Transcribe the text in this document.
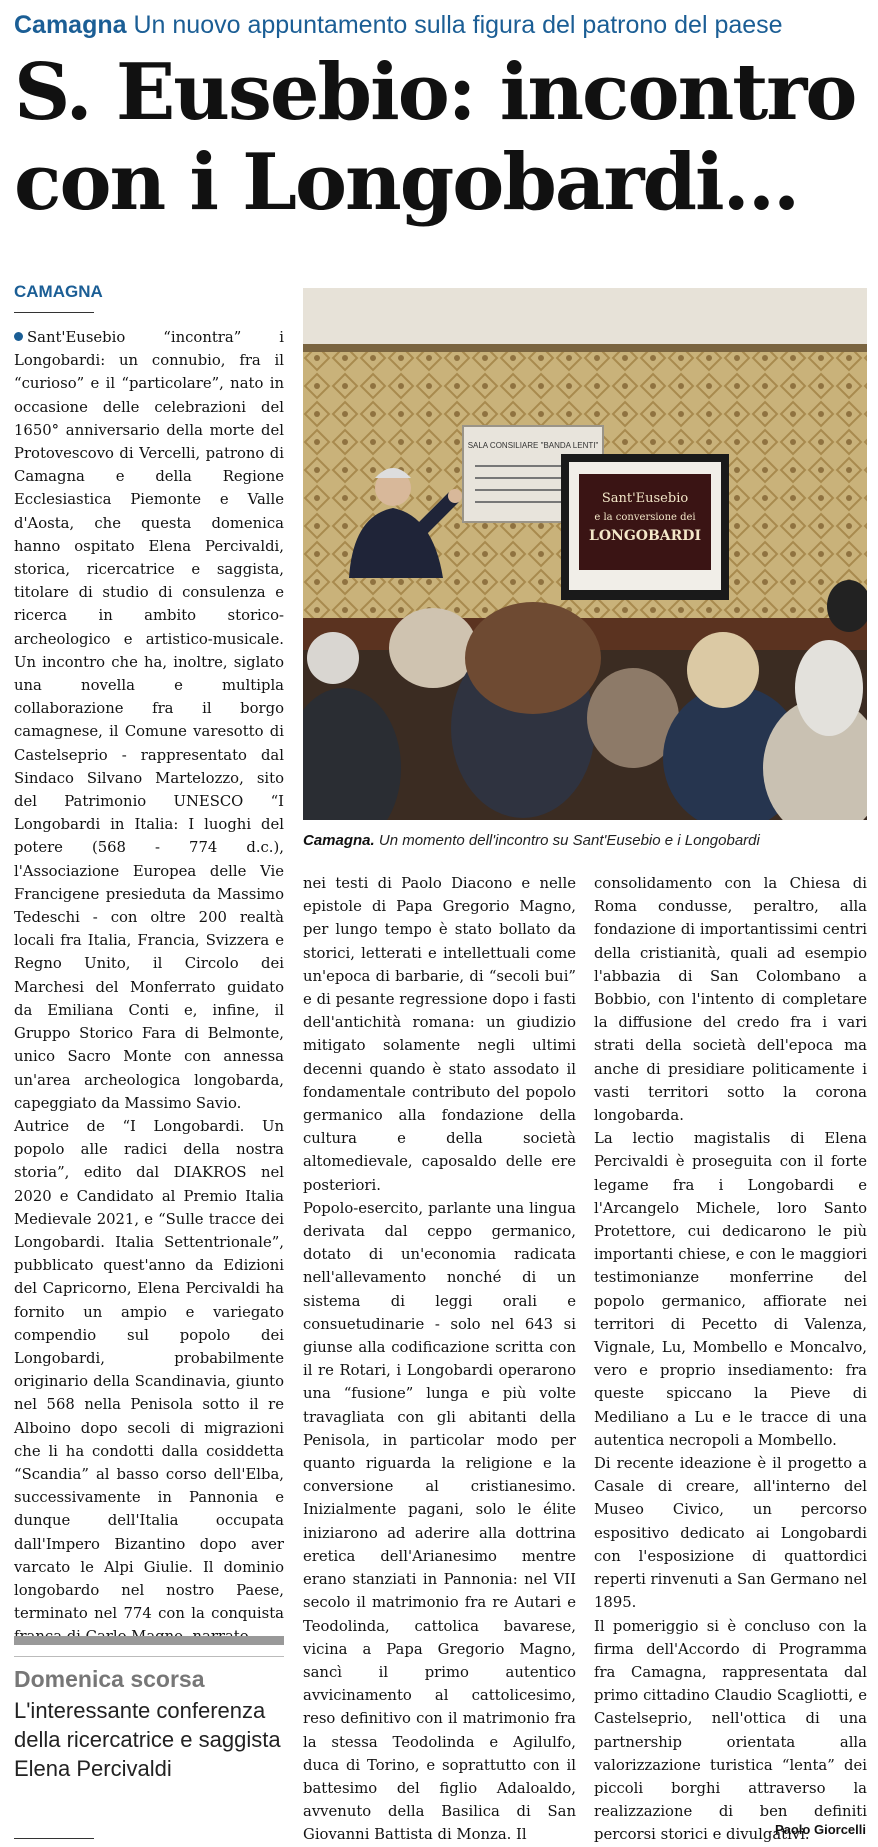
Camagna Un nuovo appuntamento sulla figura del patrono del paese
S. Eusebio: incontro con i Longobardi...
CAMAGNA
SALA CONSILIARE "BANDA LENTI"
Sant'Eusebio
e la conversione dei
LONGOBARDI
Camagna. Un momento dell'incontro su Sant'Eusebio e i Longobardi

Sant'Eusebio “incontra” i Longobardi: un connubio, fra il “curioso” e il “particolare”, nato in occasione delle celebrazioni del 1650° anniversario della morte del Protovescovo di Vercelli, patrono di Camagna e della Regione Ecclesiastica Piemonte e Valle d'Aosta, che questa domenica hanno ospitato Elena Percivaldi, storica, ricercatrice e saggista, titolare di studio di consulenza e ricerca in ambito storico-archeologico e artistico-musicale. Un incontro che ha, inoltre, siglato una novella e multipla collaborazione fra il borgo camagnese, il Comune varesotto di Castelseprio - rappresentato dal Sindaco Silvano Martelozzo, sito del Patrimonio UNESCO “I Longobardi in Italia: I luoghi del potere (568 - 774 d.c.), l'Associazione Europea delle Vie Francigene presieduta da Massimo Tedeschi - con oltre 200 realtà locali fra Italia, Francia, Svizzera e Regno Unito, il Circolo dei Marchesi del Monferrato guidato da Emiliana Conti e, infine, il Gruppo Storico Fara di Belmonte, unico Sacro Monte con annessa un'area archeologica longobarda, capeggiato da Massimo Savio.

Autrice de “I Longobardi. Un popolo alle radici della nostra storia”, edito dal DIAKROS nel 2020 e Candidato al Premio Italia Medievale 2021, e “Sulle tracce dei Longobardi. Italia Settentrionale”, pubblicato quest'anno da Edizioni del Capricorno, Elena Percivaldi ha fornito un ampio e variegato compendio sul popolo dei Longobardi, probabilmente originario della Scandinavia, giunto nel 568 nella Penisola sotto il re Alboino dopo secoli di migrazioni che li ha condotti dalla cosiddetta “Scandia” al basso corso dell'Elba, successivamente in Pannonia e dunque dell'Italia occupata dall'Impero Bizantino dopo aver varcato le Alpi Giulie. Il dominio longobardo nel nostro Paese, terminato nel 774 con la conquista

nei testi di Paolo Diacono e nelle epistole di Papa Gregorio Magno, per lungo tempo è stato bollato da storici, letterati e intellettuali come un'epoca di barbarie, di “secoli bui” e di pesante regressione dopo i fasti dell'antichità romana: un giudizio mitigato solamente negli ultimi decenni quando è stato assodato il fondamentale contributo del popolo germanico alla fondazione della cultura e della società altomedievale, caposaldo delle ere posteriori.

Popolo-esercito, parlante una lingua derivata dal ceppo germanico, dotato di un'economia radicata nell'allevamento nonché di un sistema di leggi orali e consuetudinarie - solo nel 643 si giunse alla codificazione scritta con il re Rotari, i Longobardi operarono una “fusione” lunga e più volte travagliata con gli abitanti della Penisola, in particolar modo per quanto riguarda la religione e la conversione al cristianesimo. Inizialmente pagani, solo le élite iniziarono ad aderire alla dottrina eretica dell'Arianesimo mentre erano stanziati in Pannonia: nel VII secolo il matrimonio fra re Autari e Teodolinda, cattolica bavarese, vicina a Papa Gregorio Magno, sancì il primo autentico avvicinamento al cattolicesimo, reso definitivo con il matrimonio fra la stessa Teodolinda e Agilulfo, duca di Torino, e soprattutto con il battesimo del figlio Adaloaldo, avvenuto della Basilica di San Giovanni Battista di Monza. Il

consolidamento con la Chiesa di Roma condusse, peraltro, alla fondazione di importantissimi centri della cristianità, quali ad esempio l'abbazia di San Colombano a Bobbio, con l'intento di completare la diffusione del credo fra i vari strati della società dell'epoca ma anche di presidiare politicamente i vasti territori sotto la corona longobarda.

La lectio magistalis di Elena Percivaldi è proseguita con il forte legame fra i Longobardi e l'Arcangelo Michele, loro Santo Protettore, cui dedicarono le più importanti chiese, e con le maggiori testimonianze monferrine del popolo germanico, affiorate nei territori di Pecetto di Valenza, Vignale, Lu, Mombello e Moncalvo, vero e proprio insediamento: fra queste spiccano la Pieve di Mediliano a Lu e le tracce di una autentica necropoli a Mombello.

Di recente ideazione è il progetto a Casale di creare, all'interno del Museo Civico, un percorso espositivo dedicato ai Longobardi con l'esposizione di quattordici reperti rinvenuti a San Germano nel 1895.

Il pomeriggio si è concluso con la firma dell'Accordo di Programma fra Camagna, rappresentata dal primo cittadino Claudio Scagliotti, e Castelseprio, nell'ottica di una partnership orientata alla valorizzazione turistica “lenta” dei piccoli borghi attraverso la realizzazione di ben definiti percorsi storici e divulgativi.

Domenica scorsa
L'interessante conferenza della ricercatrice e saggista Elena Percivaldi
Paolo Giorcelli
